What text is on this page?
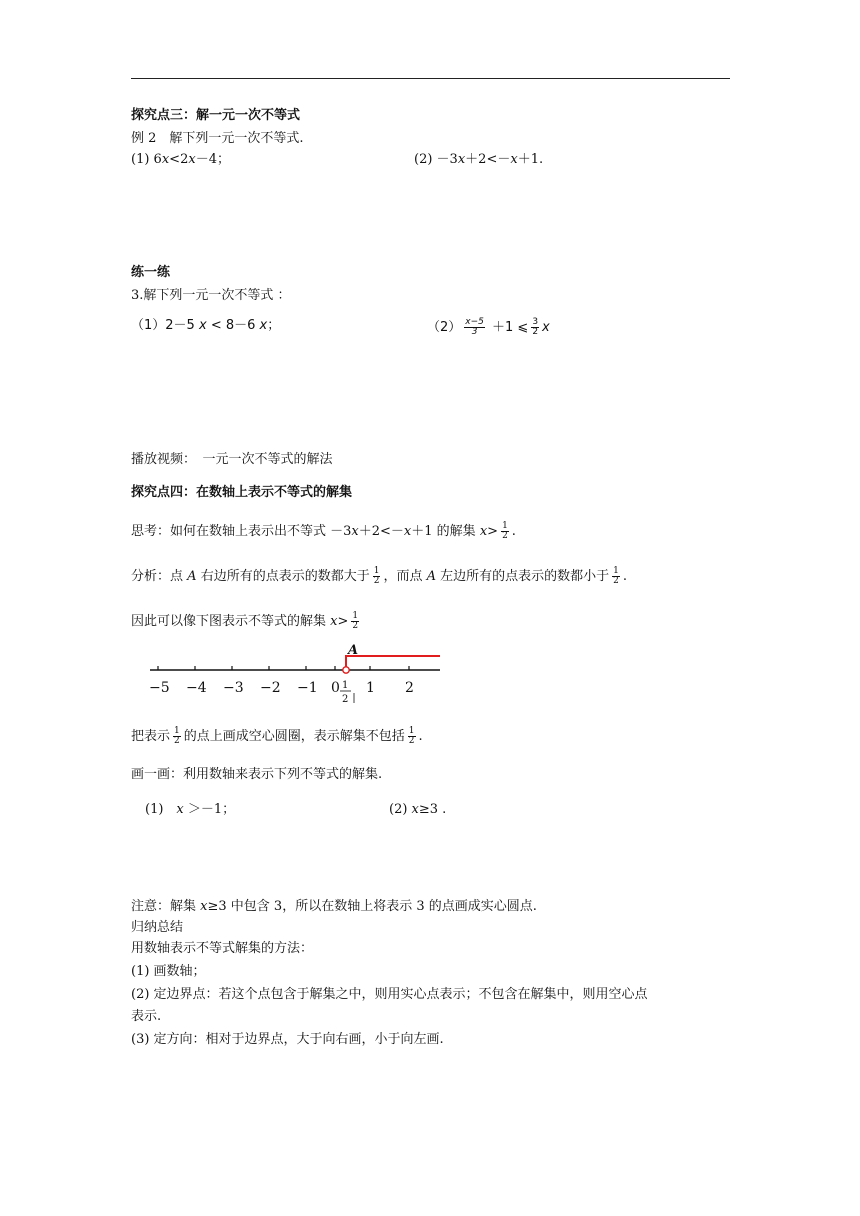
探究点三：解一元一次不等式
例 2　解下列一元一次不等式.
(1) 6x<2x－4；	(2) －3x＋2<－x＋1.
练一练
3.解下列一元一次不等式 ：
（1）2－5 x < 8－6 x；	$(2) \frac{x-5}{3} +1$ ⩽ $\frac{3}{2}$ x
播放视频：　 一元一次不等式的解法
探究点四：在数轴上表示不等式的解集
思考：如何在数轴上表示出不等式 －3x＋2<－x＋1 的解集 $x> \frac{1}{2}$ .
分析：点 A 右边所有的点表示的数都大于 $\frac{1}{2}$ ，而点 A 左边所有的点表示的数都小于 $\frac{1}{2}$ .
因此可以像下图表示不等式的解集 $x> \frac{1}{2}$
−5 −4 −3 −2 −1 0 1 2
A
1
2
把表示 $\frac{1}{2}$ 的点上画成空心圆圈，表示解集不包括 $\frac{1}{2}$ .
画一画：利用数轴来表示下列不等式的解集.
(1)　x ＞－1；	(2) x≥3 .
注意：解集 x≥3 中包含 3，所以在数轴上将表示 3 的点画成实心圆点.
归纳总结
用数轴表示不等式解集的方法：
(1) 画数轴；
(2) 定边界点：若这个点包含于解集之中，则用实心点表示；不包含在解集中，则用空心点
表示.
(3) 定方向：相对于边界点，大于向右画，小于向左画.
